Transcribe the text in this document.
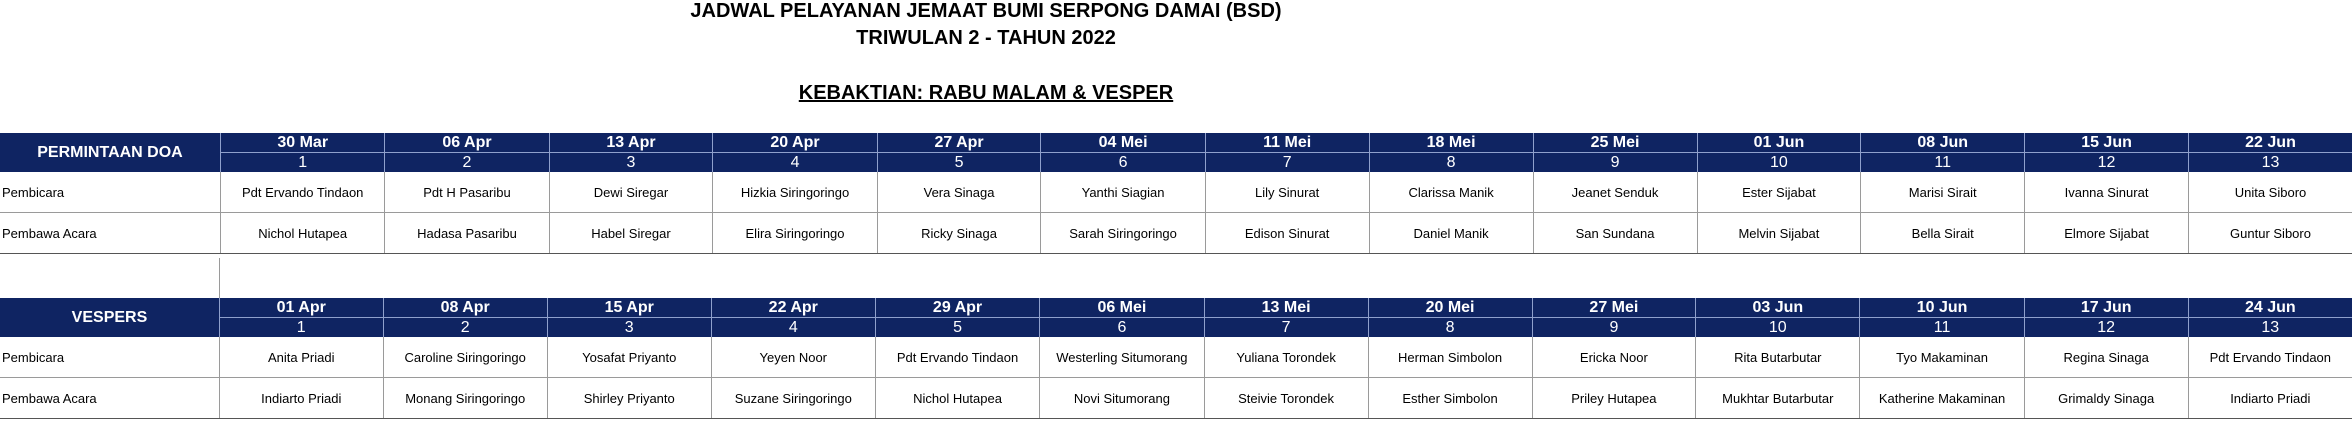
JADWAL PELAYANAN JEMAAT BUMI SERPONG DAMAI (BSD)
TRIWULAN 2 - TAHUN 2022
KEBAKTIAN: RABU MALAM & VESPER
PERMINTAAN DOA	30 Mar	06 Apr	13 Apr	20 Apr	27 Apr	04 Mei	11 Mei	18 Mei	25 Mei	01 Jun	08 Jun	15 Jun	22 Jun
	1	2	3	4	5	6	7	8	9	10	11	12	13
Pembicara	Pdt Ervando Tindaon	Pdt H Pasaribu	Dewi Siregar	Hizkia Siringoringo	Vera Sinaga	Yanthi Siagian	Lily Sinurat	Clarissa Manik	Jeanet Senduk	Ester Sijabat	Marisi Sirait	Ivanna Sinurat	Unita Siboro
Pembawa Acara	Nichol Hutapea	Hadasa Pasaribu	Habel Siregar	Elira Siringoringo	Ricky Sinaga	Sarah Siringoringo	Edison Sinurat	Daniel Manik	San Sundana	Melvin Sijabat	Bella Sirait	Elmore Sijabat	Guntur Siboro
VESPERS	01 Apr	08 Apr	15 Apr	22 Apr	29 Apr	06 Mei	13 Mei	20 Mei	27 Mei	03 Jun	10 Jun	17 Jun	24 Jun
	1	2	3	4	5	6	7	8	9	10	11	12	13
Pembicara	Anita Priadi	Caroline Siringoringo	Yosafat Priyanto	Yeyen Noor	Pdt Ervando Tindaon	Westerling Situmorang	Yuliana Torondek	Herman Simbolon	Ericka Noor	Rita Butarbutar	Tyo Makaminan	Regina Sinaga	Pdt Ervando Tindaon
Pembawa Acara	Indiarto Priadi	Monang Siringoringo	Shirley Priyanto	Suzane Siringoringo	Nichol Hutapea	Novi Situmorang	Steivie Torondek	Esther Simbolon	Priley Hutapea	Mukhtar Butarbutar	Katherine Makaminan	Grimaldy Sinaga	Indiarto Priadi
